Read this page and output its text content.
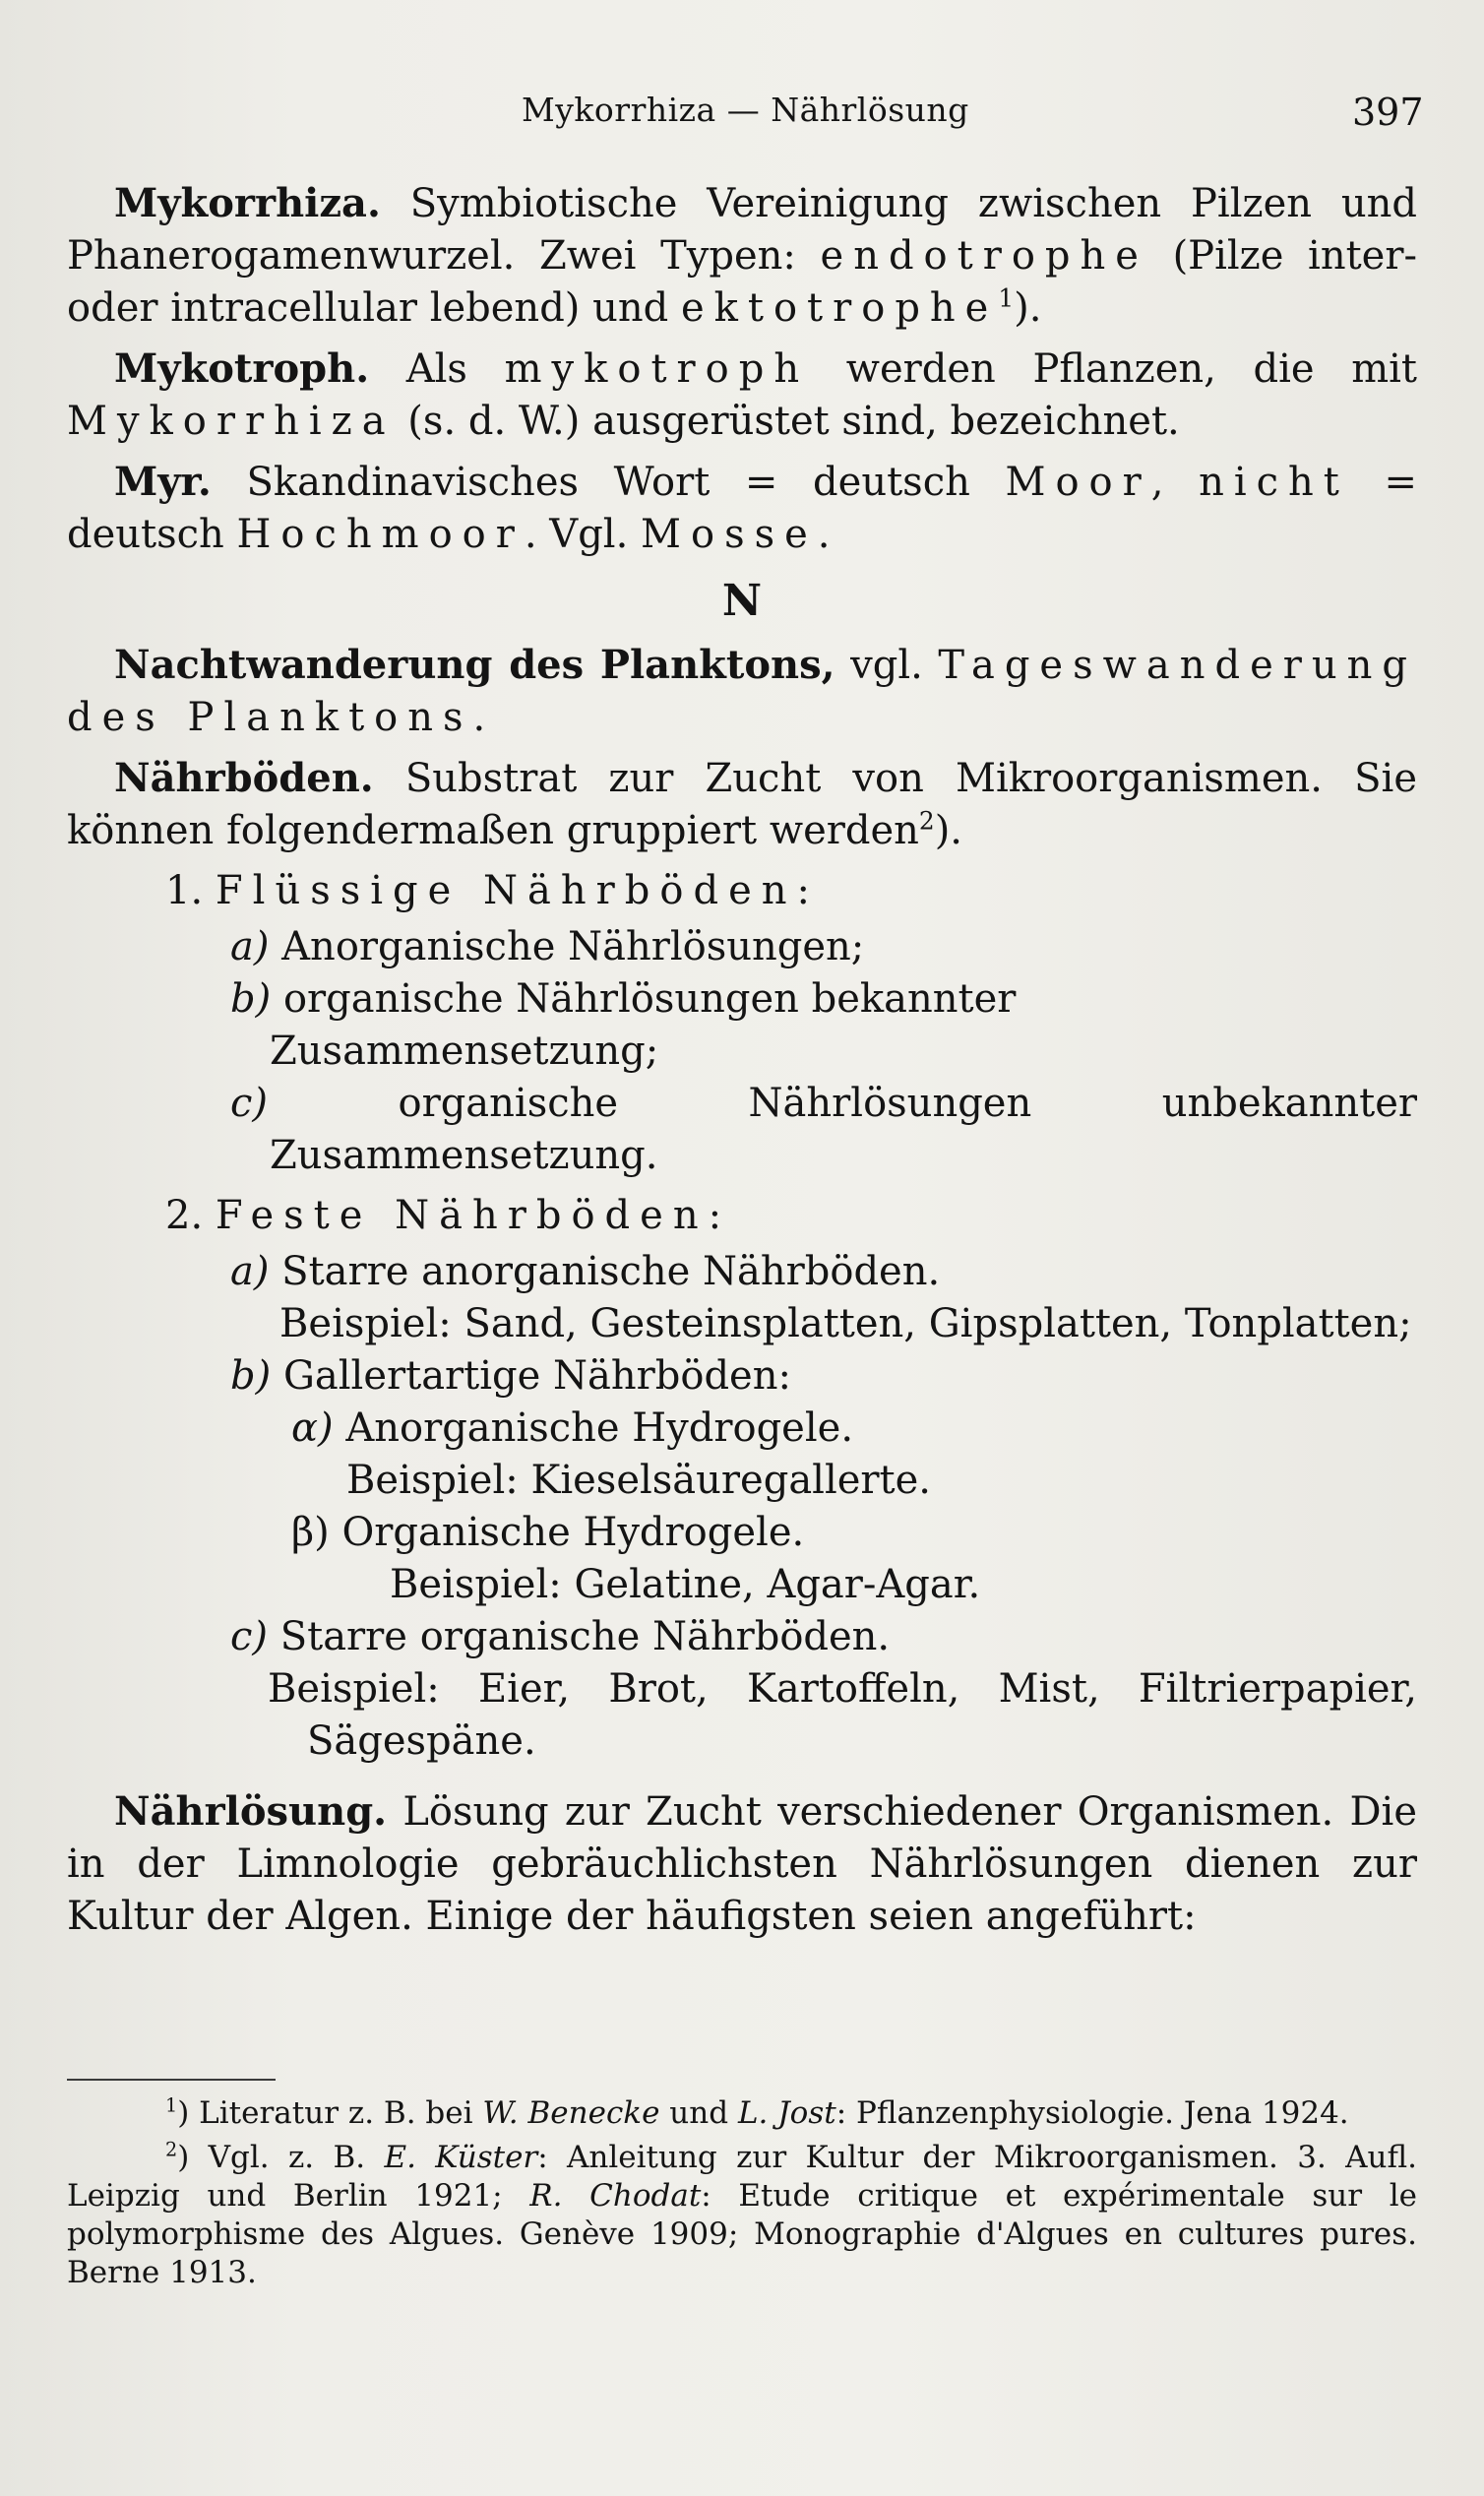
Mykorrhiza — Nährlösung	397

Mykorrhiza. Symbiotische Vereinigung zwischen Pilzen und Phanerogamenwurzel. Zwei Typen: endotrophe (Pilze inter- oder intracellular lebend) und ektotrophe$^1$).

Mykotroph. Als mykotroph werden Pflanzen, die mit Mykorrhiza (s. d. W.) ausgerüstet sind, bezeichnet.

Myr. Skandinavisches Wort = deutsch Moor, nicht = deutsch Hochmoor. Vgl. Mosse.

N

Nachtwanderung des Planktons, vgl. Tageswanderung des Planktons.

Nährböden. Substrat zur Zucht von Mikroorganismen. Sie können folgendermaßen gruppiert werden$^2$).

1. Flüssige Nährböden:
a) Anorganische Nährlösungen;
b) organische Nährlösungen bekannter Zusammensetzung;
c)	organische Nährlösungen unbekannter Zusammensetzung.
2. Feste Nährböden:
a) Starre anorganische Nährböden.
Beispiel: Sand, Gesteinsplatten, Gipsplatten, Tonplatten;
b) Gallertartige Nährböden:
α) Anorganische Hydrogele.
Beispiel: Kieselsäuregallerte.
β) Organische Hydrogele.
Beispiel: Gelatine, Agar-Agar.
c) Starre organische Nährböden.
Beispiel: Eier, Brot, Kartoffeln, Mist, Filtrierpapier, Sägespäne.

Nährlösung. Lösung zur Zucht verschiedener Organismen. Die in der Limnologie gebräuchlichsten Nährlösungen dienen zur Kultur der Algen. Einige der häufigsten seien angeführt:

$^1$) Literatur z. B. bei W. Benecke und L. Jost: Pflanzenphysiologie. Jena 1924.

$^2$) Vgl. z. B. E. Küster: Anleitung zur Kultur der Mikroorganismen. 3. Aufl. Leipzig und Berlin 1921; R. Chodat: Etude critique et expérimentale sur le polymorphisme des Algues. Genève 1909; Monographie d'Algues en cultures pures. Berne 1913.
